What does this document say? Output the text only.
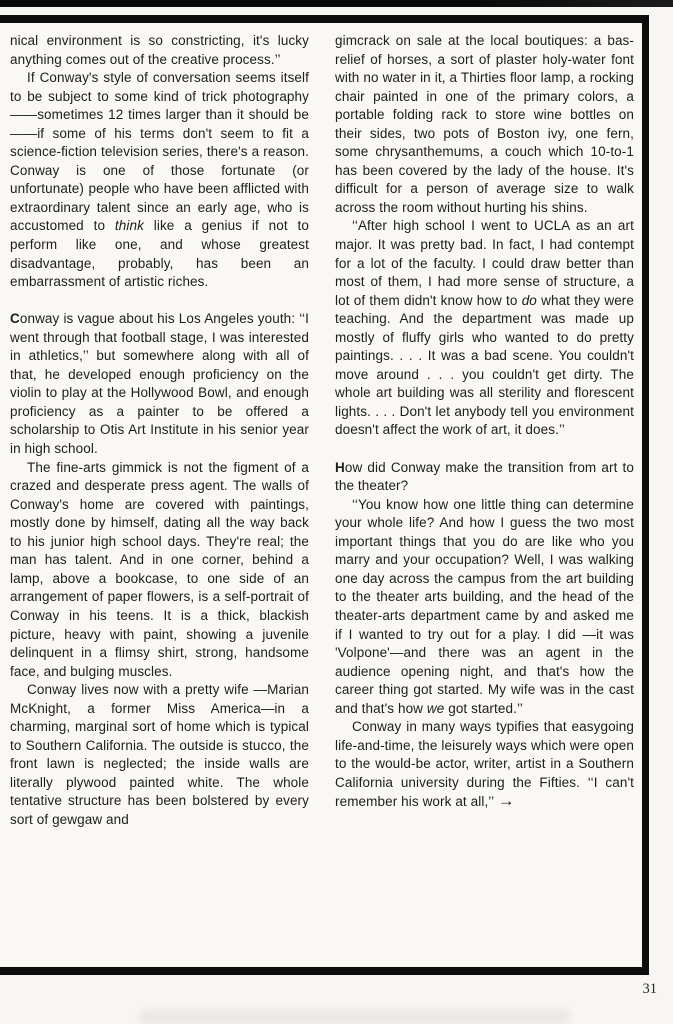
nical environment is so constricting, it's lucky anything comes out of the creative process.’’

If Conway's style of conversation seems itself to be subject to some kind of trick photography——sometimes 12 times larger than it should be——if some of his terms don't seem to fit a science-fiction television series, there's a reason. Conway is one of those fortunate (or unfortunate) people who have been afflicted with extraordinary talent since an early age, who is accustomed to think like a genius if not to perform like one, and whose greatest disadvantage, probably, has been an embarrassment of artistic riches.

Conway is vague about his Los Angeles youth: ‘‘I went through that football stage, I was interested in athletics,’’ but somewhere along with all of that, he developed enough proficiency on the violin to play at the Hollywood Bowl, and enough proficiency as a painter to be offered a scholarship to Otis Art Institute in his senior year in high school.

The fine-arts gimmick is not the figment of a crazed and desperate press agent. The walls of Conway's home are covered with paintings, mostly done by himself, dating all the way back to his junior high school days. They're real; the man has talent. And in one corner, behind a lamp, above a bookcase, to one side of an arrangement of paper flowers, is a self-portrait of Conway in his teens. It is a thick, blackish picture, heavy with paint, showing a juvenile delinquent in a flimsy shirt, strong, handsome face, and bulging muscles.

Conway lives now with a pretty wife —Marian McKnight, a former Miss America—in a charming, marginal sort of home which is typical to Southern California. The outside is stucco, the front lawn is neglected; the inside walls are literally plywood painted white. The whole tentative structure has been bolstered by every sort of gewgaw and

gimcrack on sale at the local boutiques: a bas-relief of horses, a sort of plaster holy-water font with no water in it, a Thirties floor lamp, a rocking chair painted in one of the primary colors, a portable folding rack to store wine bottles on their sides, two pots of Boston ivy, one fern, some chrysanthemums, a couch which 10-to-1 has been covered by the lady of the house. It's difficult for a person of average size to walk across the room without hurting his shins.

‘‘After high school I went to UCLA as an art major. It was pretty bad. In fact, I had contempt for a lot of the faculty. I could draw better than most of them, I had more sense of structure, a lot of them didn't know how to do what they were teaching. And the department was made up mostly of fluffy girls who wanted to do pretty paintings. . . . It was a bad scene. You couldn't move around . . . you couldn't get dirty. The whole art building was all sterility and florescent lights. . . . Don't let anybody tell you environment doesn't affect the work of art, it does.’’

How did Conway make the transition from art to the theater?

‘‘You know how one little thing can determine your whole life? And how I guess the two most important things that you do are like who you marry and your occupation? Well, I was walking one day across the campus from the art building to the theater arts building, and the head of the theater-arts department came by and asked me if I wanted to try out for a play. I did —it was 'Volpone'—and there was an agent in the audience opening night, and that's how the career thing got started. My wife was in the cast and that's how we got started.’’

Conway in many ways typifies that easygoing life-and-time, the leisurely ways which were open to the would-be actor, writer, artist in a Southern California university during the Fifties. ‘‘I can't remember his work at all,’’ →

31
